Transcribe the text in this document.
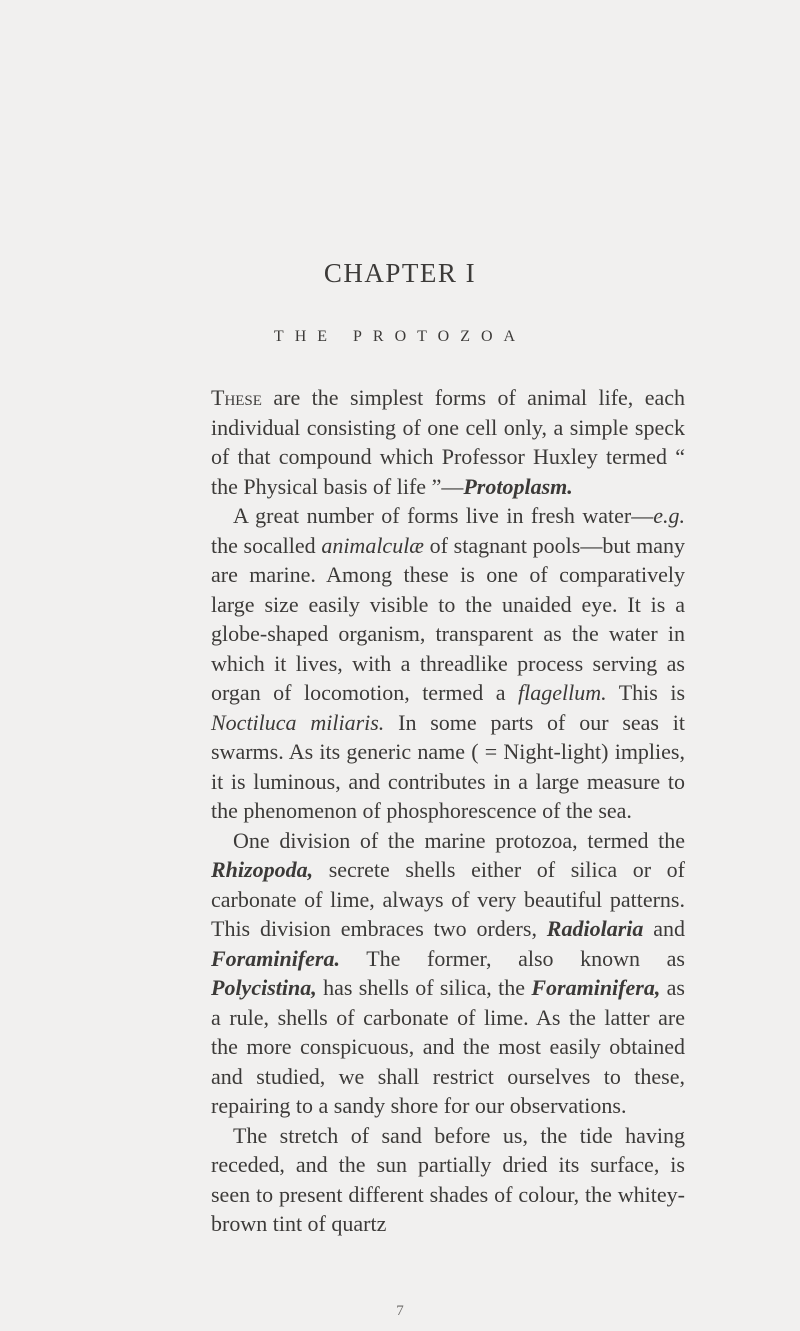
CHAPTER I
THE PROTOZOA

These are the simplest forms of animal life, each individual consisting of one cell only, a simple speck of that compound which Professor Huxley termed “ the Physical basis of life ”—Protoplasm.

A great number of forms live in fresh water—e.g. the socalled animalculæ of stagnant pools—but many are marine. Among these is one of comparatively large size easily visible to the unaided eye. It is a globe-shaped organism, transparent as the water in which it lives, with a threadlike process serving as organ of locomotion, termed a flagellum. This is Noctiluca miliaris. In some parts of our seas it swarms. As its generic name ( = Night-light) implies, it is luminous, and contributes in a large measure to the phenomenon of phosphorescence of the sea.

One division of the marine protozoa, termed the Rhizopoda, secrete shells either of silica or of carbonate of lime, always of very beautiful patterns. This division embraces two orders, Radiolaria and Foraminifera. The former, also known as Polycistina, has shells of silica, the Foraminifera, as a rule, shells of carbonate of lime. As the latter are the more conspicuous, and the most easily obtained and studied, we shall restrict ourselves to these, repairing to a sandy shore for our observations.

The stretch of sand before us, the tide having receded, and the sun partially dried its surface, is seen to present different shades of colour, the whitey-brown tint of quartz

7
